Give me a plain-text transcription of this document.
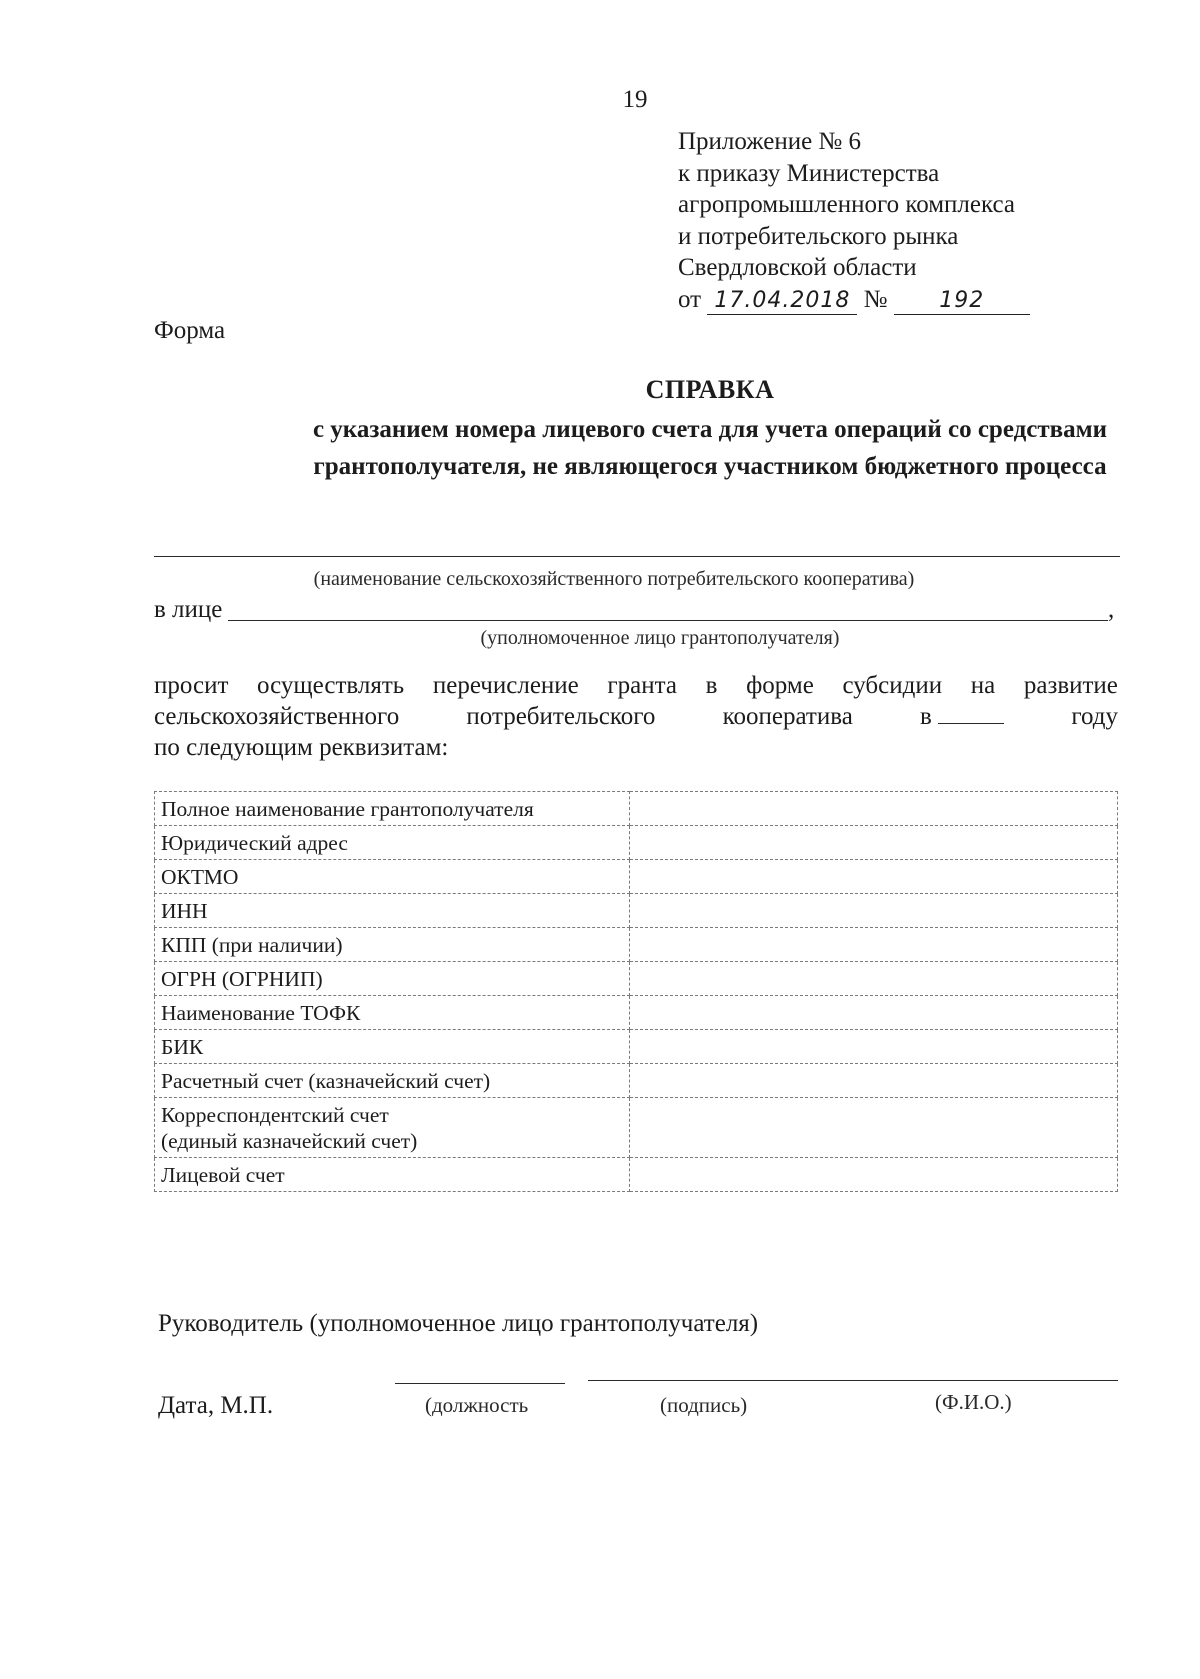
19
Приложение № 6
к приказу Министерства
агропромышленного комплекса
и потребительского рынка
Свердловской области
от 17.04.2018 № 192
Форма
СПРАВКА
с указанием номера лицевого счета для учета операций со средствами
грантополучателя, не являющегося участником бюджетного процесса
(наименование сельскохозяйственного потребительского кооператива)
в лице	,
(уполномоченное лицо грантополучателя)
просит осуществлять перечисление гранта в форме субсидии на развитие
сельскохозяйственного	потребительского	кооператива	в	году
по следующим реквизитам:
Полное наименование грантополучателя	
Юридический адрес	
ОКТМО	
ИНН	
КПП (при наличии)	
ОГРН (ОГРНИП)	
Наименование ТОФК	
БИК	
Расчетный счет (казначейский счет)	

Корреспондентский счет
(единый казначейский счет)	

Лицевой счет	
Руководитель (уполномоченное лицо грантополучателя)
Дата, М.П.	(должность	(подпись)	(Ф.И.О.)
